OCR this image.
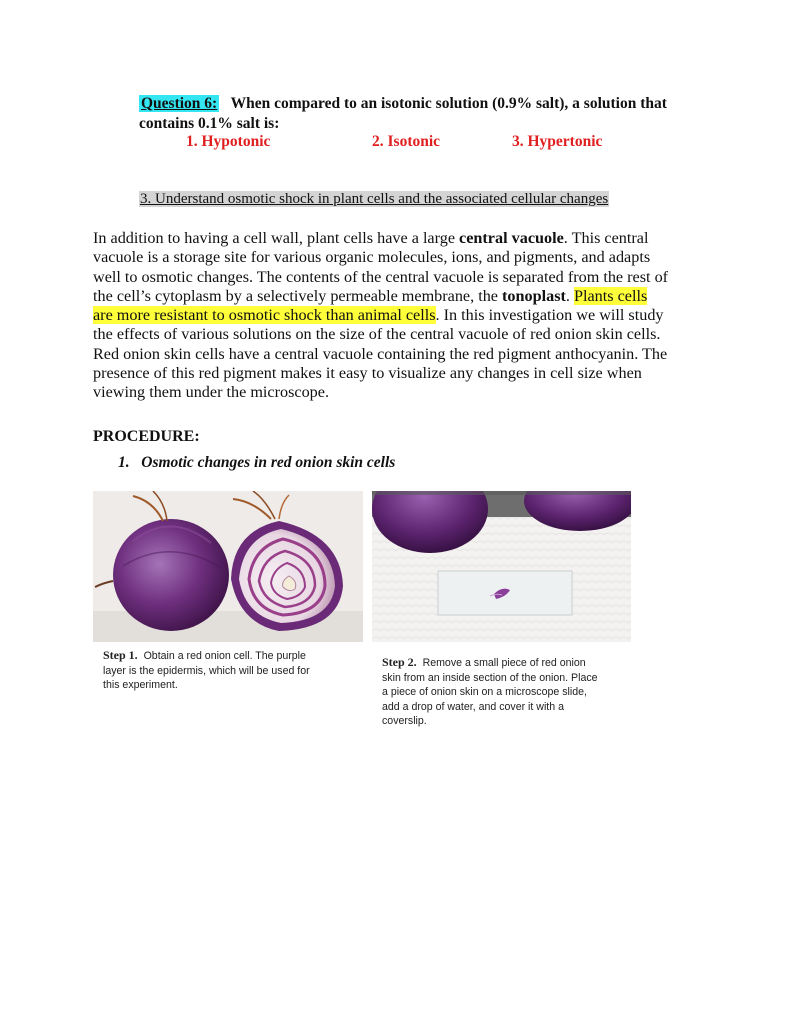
Question 6: When compared to an isotonic solution (0.9% salt), a solution that
contains 0.1% salt is:
1. Hypotonic	2. Isotonic	3. Hypertonic
3. Understand osmotic shock in plant cells and the associated cellular changes
In addition to having a cell wall, plant cells have a large central vacuole. This central
vacuole is a storage site for various organic molecules, ions, and pigments, and adapts
well to osmotic changes. The contents of the central vacuole is separated from the rest of
the cell’s cytoplasm by a selectively permeable membrane, the tonoplast. Plants cells
are more resistant to osmotic shock than animal cells. In this investigation we will study
the effects of various solutions on the size of the central vacuole of red onion skin cells.
Red onion skin cells have a central vacuole containing the red pigment anthocyanin. The
presence of this red pigment makes it easy to visualize any changes in cell size when
viewing them under the microscope.
PROCEDURE:
1.   Osmotic changes in red onion skin cells
Step 1. Obtain a red onion cell. The purple
layer is the epidermis, which will be used for
this experiment.
Step 2. Remove a small piece of red onion
skin from an inside section of the onion. Place
a piece of onion skin on a microscope slide,
add a drop of water, and cover it with a
coverslip.
